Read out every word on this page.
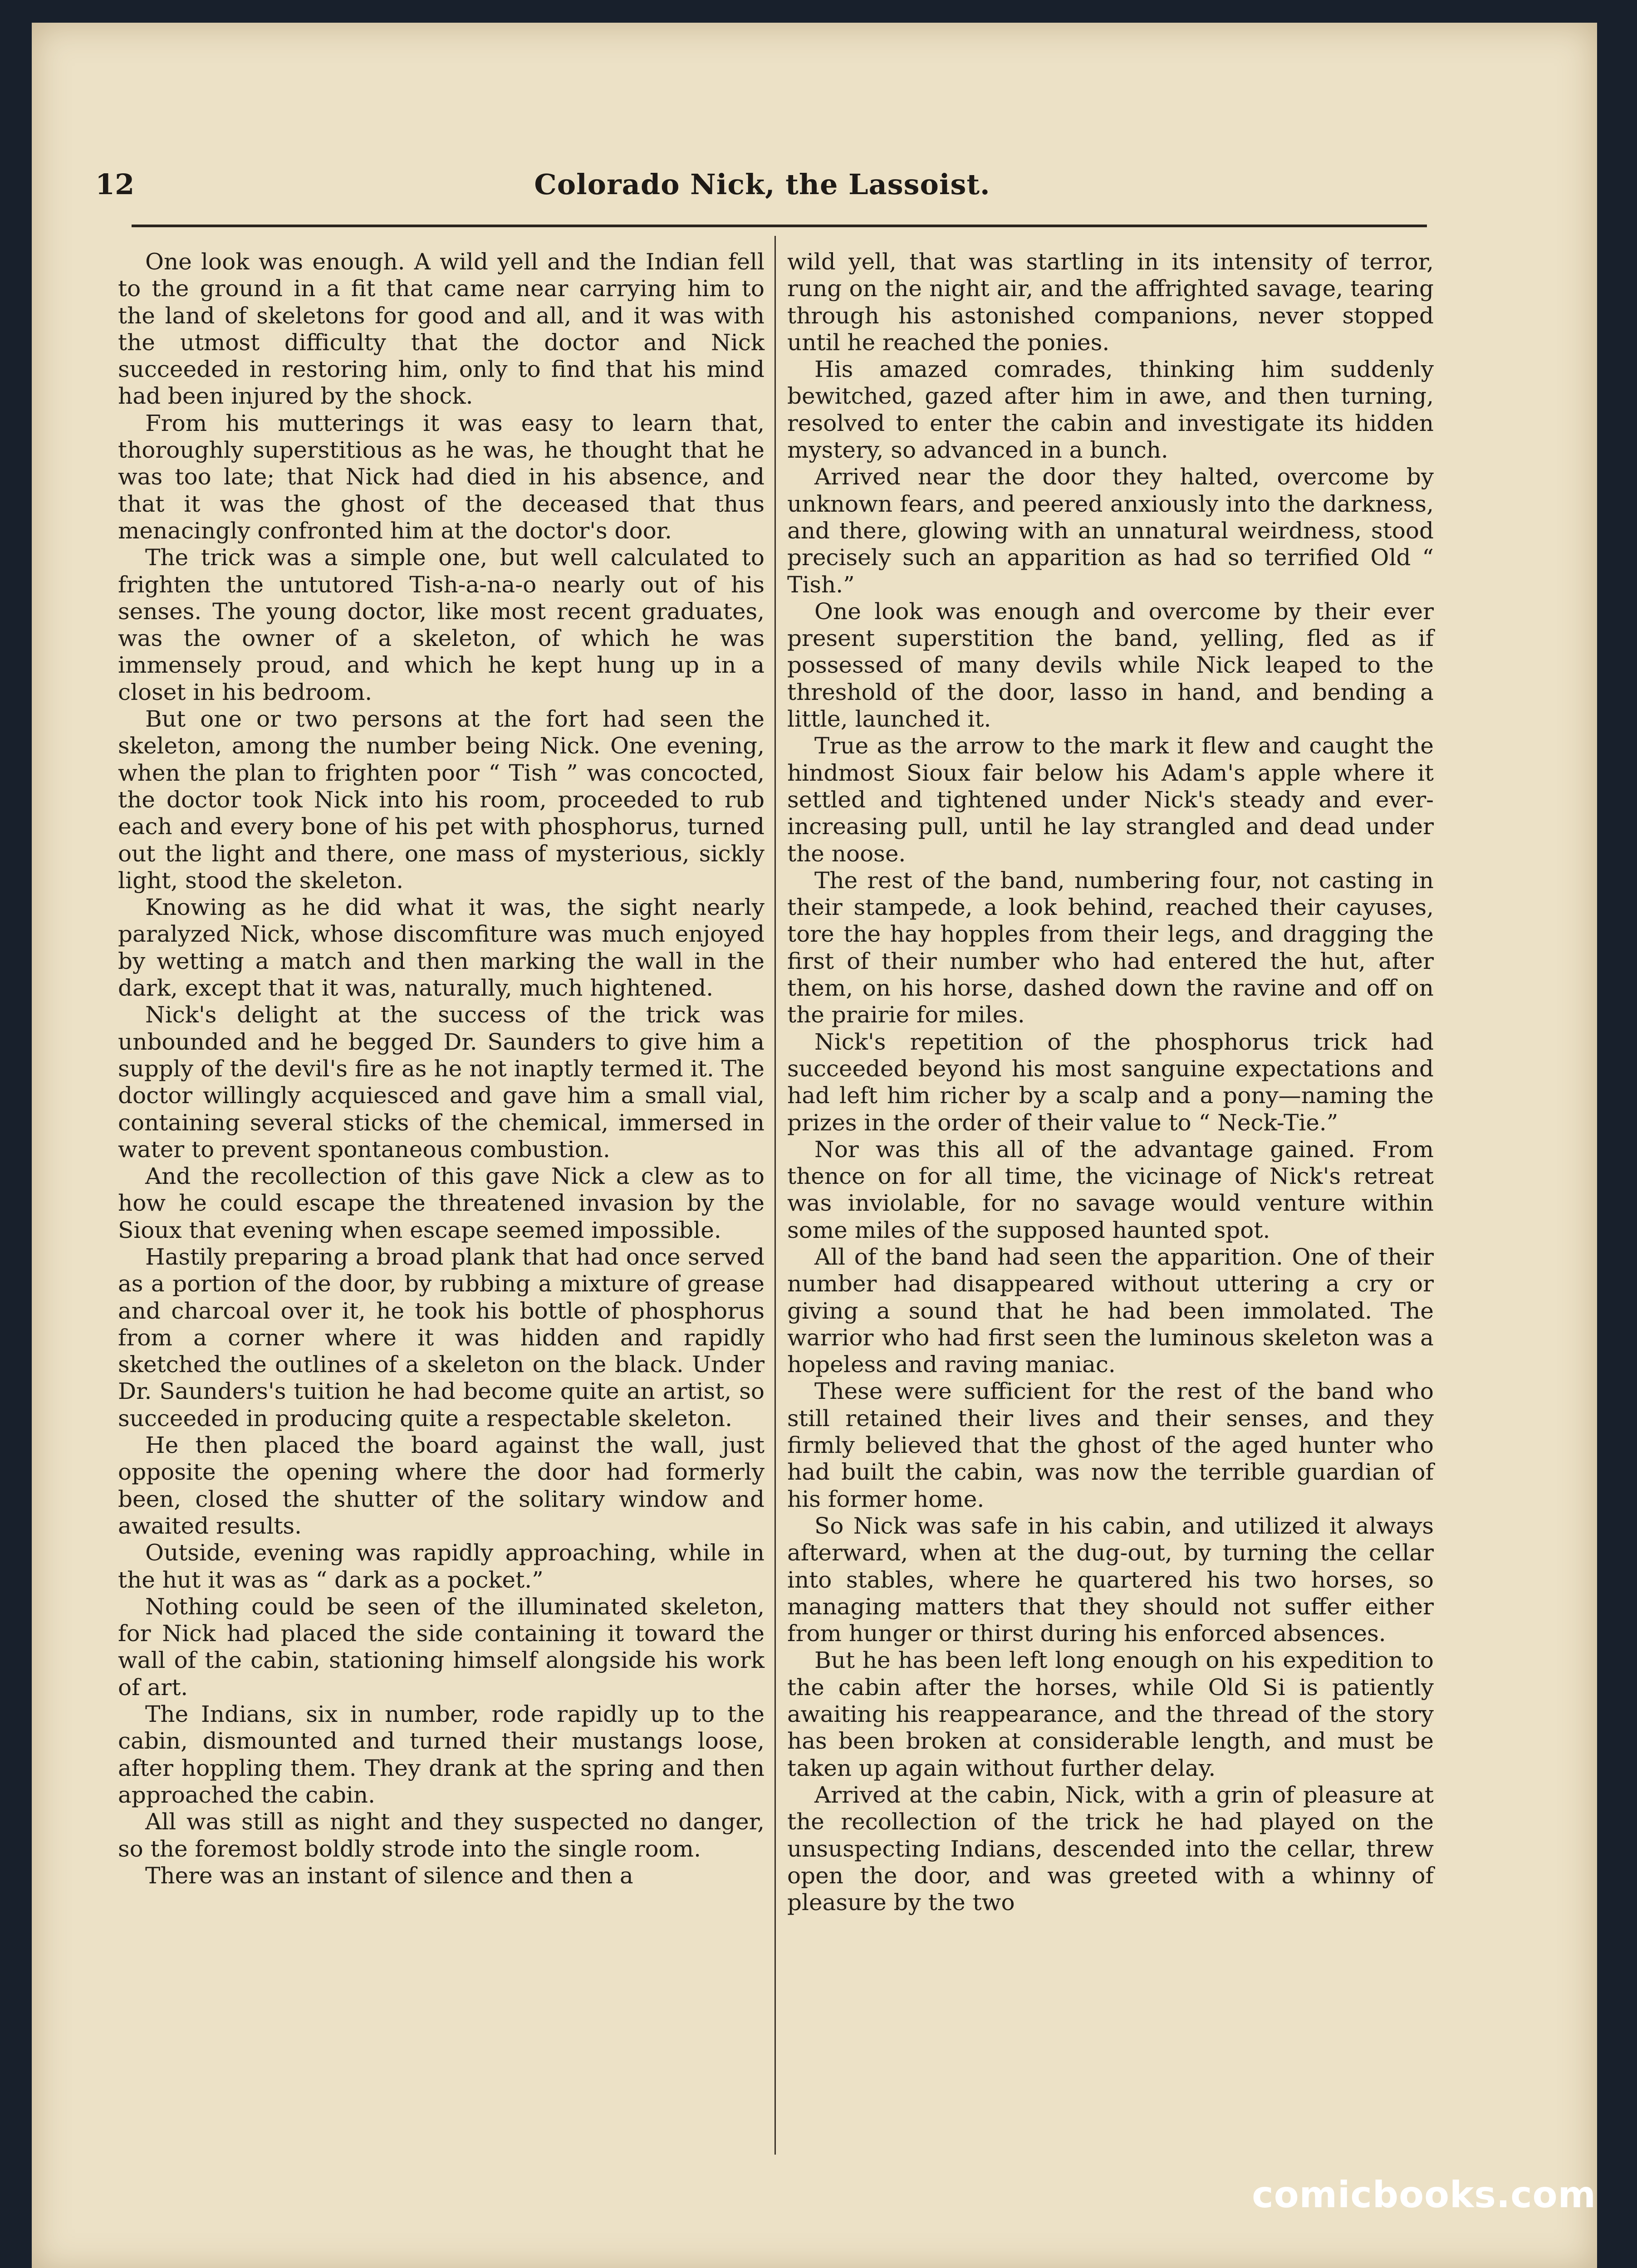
12	Colorado Nick, the Lassoist.

One look was enough. A wild yell and the Indian fell to the ground in a fit that came near carrying him to the land of skeletons for good and all, and it was with the utmost difficulty that the doctor and Nick succeeded in restoring him, only to find that his mind had been injured by the shock.

From his mutterings it was easy to learn that, thoroughly superstitious as he was, he thought that he was too late; that Nick had died in his absence, and that it was the ghost of the deceased that thus menacingly confronted him at the doctor's door.

The trick was a simple one, but well calculated to frighten the untutored Tish-a-na-o nearly out of his senses. The young doctor, like most recent graduates, was the owner of a skeleton, of which he was immensely proud, and which he kept hung up in a closet in his bedroom.

But one or two persons at the fort had seen the skeleton, among the number being Nick. One evening, when the plan to frighten poor “ Tish ” was concocted, the doctor took Nick into his room, proceeded to rub each and every bone of his pet with phosphorus, turned out the light and there, one mass of mysterious, sickly light, stood the skeleton.

Knowing as he did what it was, the sight nearly paralyzed Nick, whose discomfiture was much enjoyed by wetting a match and then marking the wall in the dark, except that it was, naturally, much hightened.

Nick's delight at the success of the trick was unbounded and he begged Dr. Saunders to give him a supply of the devil's fire as he not inaptly termed it. The doctor willingly acquiesced and gave him a small vial, containing several sticks of the chemical, immersed in water to prevent spontaneous combustion.

And the recollection of this gave Nick a clew as to how he could escape the threatened invasion by the Sioux that evening when escape seemed impossible.

Hastily preparing a broad plank that had once served as a portion of the door, by rubbing a mixture of grease and charcoal over it, he took his bottle of phosphorus from a corner where it was hidden and rapidly sketched the outlines of a skeleton on the black. Under Dr. Saunders's tuition he had become quite an artist, so succeeded in producing quite a respectable skeleton.

He then placed the board against the wall, just opposite the opening where the door had formerly been, closed the shutter of the solitary window and awaited results.

Outside, evening was rapidly approaching, while in the hut it was as “ dark as a pocket.”

Nothing could be seen of the illuminated skeleton, for Nick had placed the side containing it toward the wall of the cabin, stationing himself alongside his work of art.

The Indians, six in number, rode rapidly up to the cabin, dismounted and turned their mustangs loose, after hoppling them. They drank at the spring and then approached the cabin.

All was still as night and they suspected no danger, so the foremost boldly strode into the single room.

There was an instant of silence and then a

wild yell, that was startling in its intensity of terror, rung on the night air, and the affrighted savage, tearing through his astonished companions, never stopped until he reached the ponies.

His amazed comrades, thinking him suddenly bewitched, gazed after him in awe, and then turning, resolved to enter the cabin and investigate its hidden mystery, so advanced in a bunch.

Arrived near the door they halted, overcome by unknown fears, and peered anxiously into the darkness, and there, glowing with an unnatural weirdness, stood precisely such an apparition as had so terrified Old “ Tish.”

One look was enough and overcome by their ever present superstition the band, yelling, fled as if possessed of many devils while Nick leaped to the threshold of the door, lasso in hand, and bending a little, launched it.

True as the arrow to the mark it flew and caught the hindmost Sioux fair below his Adam's apple where it settled and tightened under Nick's steady and ever-increasing pull, until he lay strangled and dead under the noose.

The rest of the band, numbering four, not casting in their stampede, a look behind, reached their cayuses, tore the hay hopples from their legs, and dragging the first of their number who had entered the hut, after them, on his horse, dashed down the ravine and off on the prairie for miles.

Nick's repetition of the phosphorus trick had succeeded beyond his most sanguine expectations and had left him richer by a scalp and a pony—naming the prizes in the order of their value to “ Neck-Tie.”

Nor was this all of the advantage gained. From thence on for all time, the vicinage of Nick's retreat was inviolable, for no savage would venture within some miles of the supposed haunted spot.

All of the band had seen the apparition. One of their number had disappeared without uttering a cry or giving a sound that he had been immolated. The warrior who had first seen the luminous skeleton was a hopeless and raving maniac.

These were sufficient for the rest of the band who still retained their lives and their senses, and they firmly believed that the ghost of the aged hunter who had built the cabin, was now the terrible guardian of his former home.

So Nick was safe in his cabin, and utilized it always afterward, when at the dug-out, by turning the cellar into stables, where he quartered his two horses, so managing matters that they should not suffer either from hunger or thirst during his enforced absences.

But he has been left long enough on his expedition to the cabin after the horses, while Old Si is patiently awaiting his reappearance, and the thread of the story has been broken at considerable length, and must be taken up again without further delay.

Arrived at the cabin, Nick, with a grin of pleasure at the recollection of the trick he had played on the unsuspecting Indians, descended into the cellar, threw open the door, and was greeted with a whinny of pleasure by the two

comicbooks.com
